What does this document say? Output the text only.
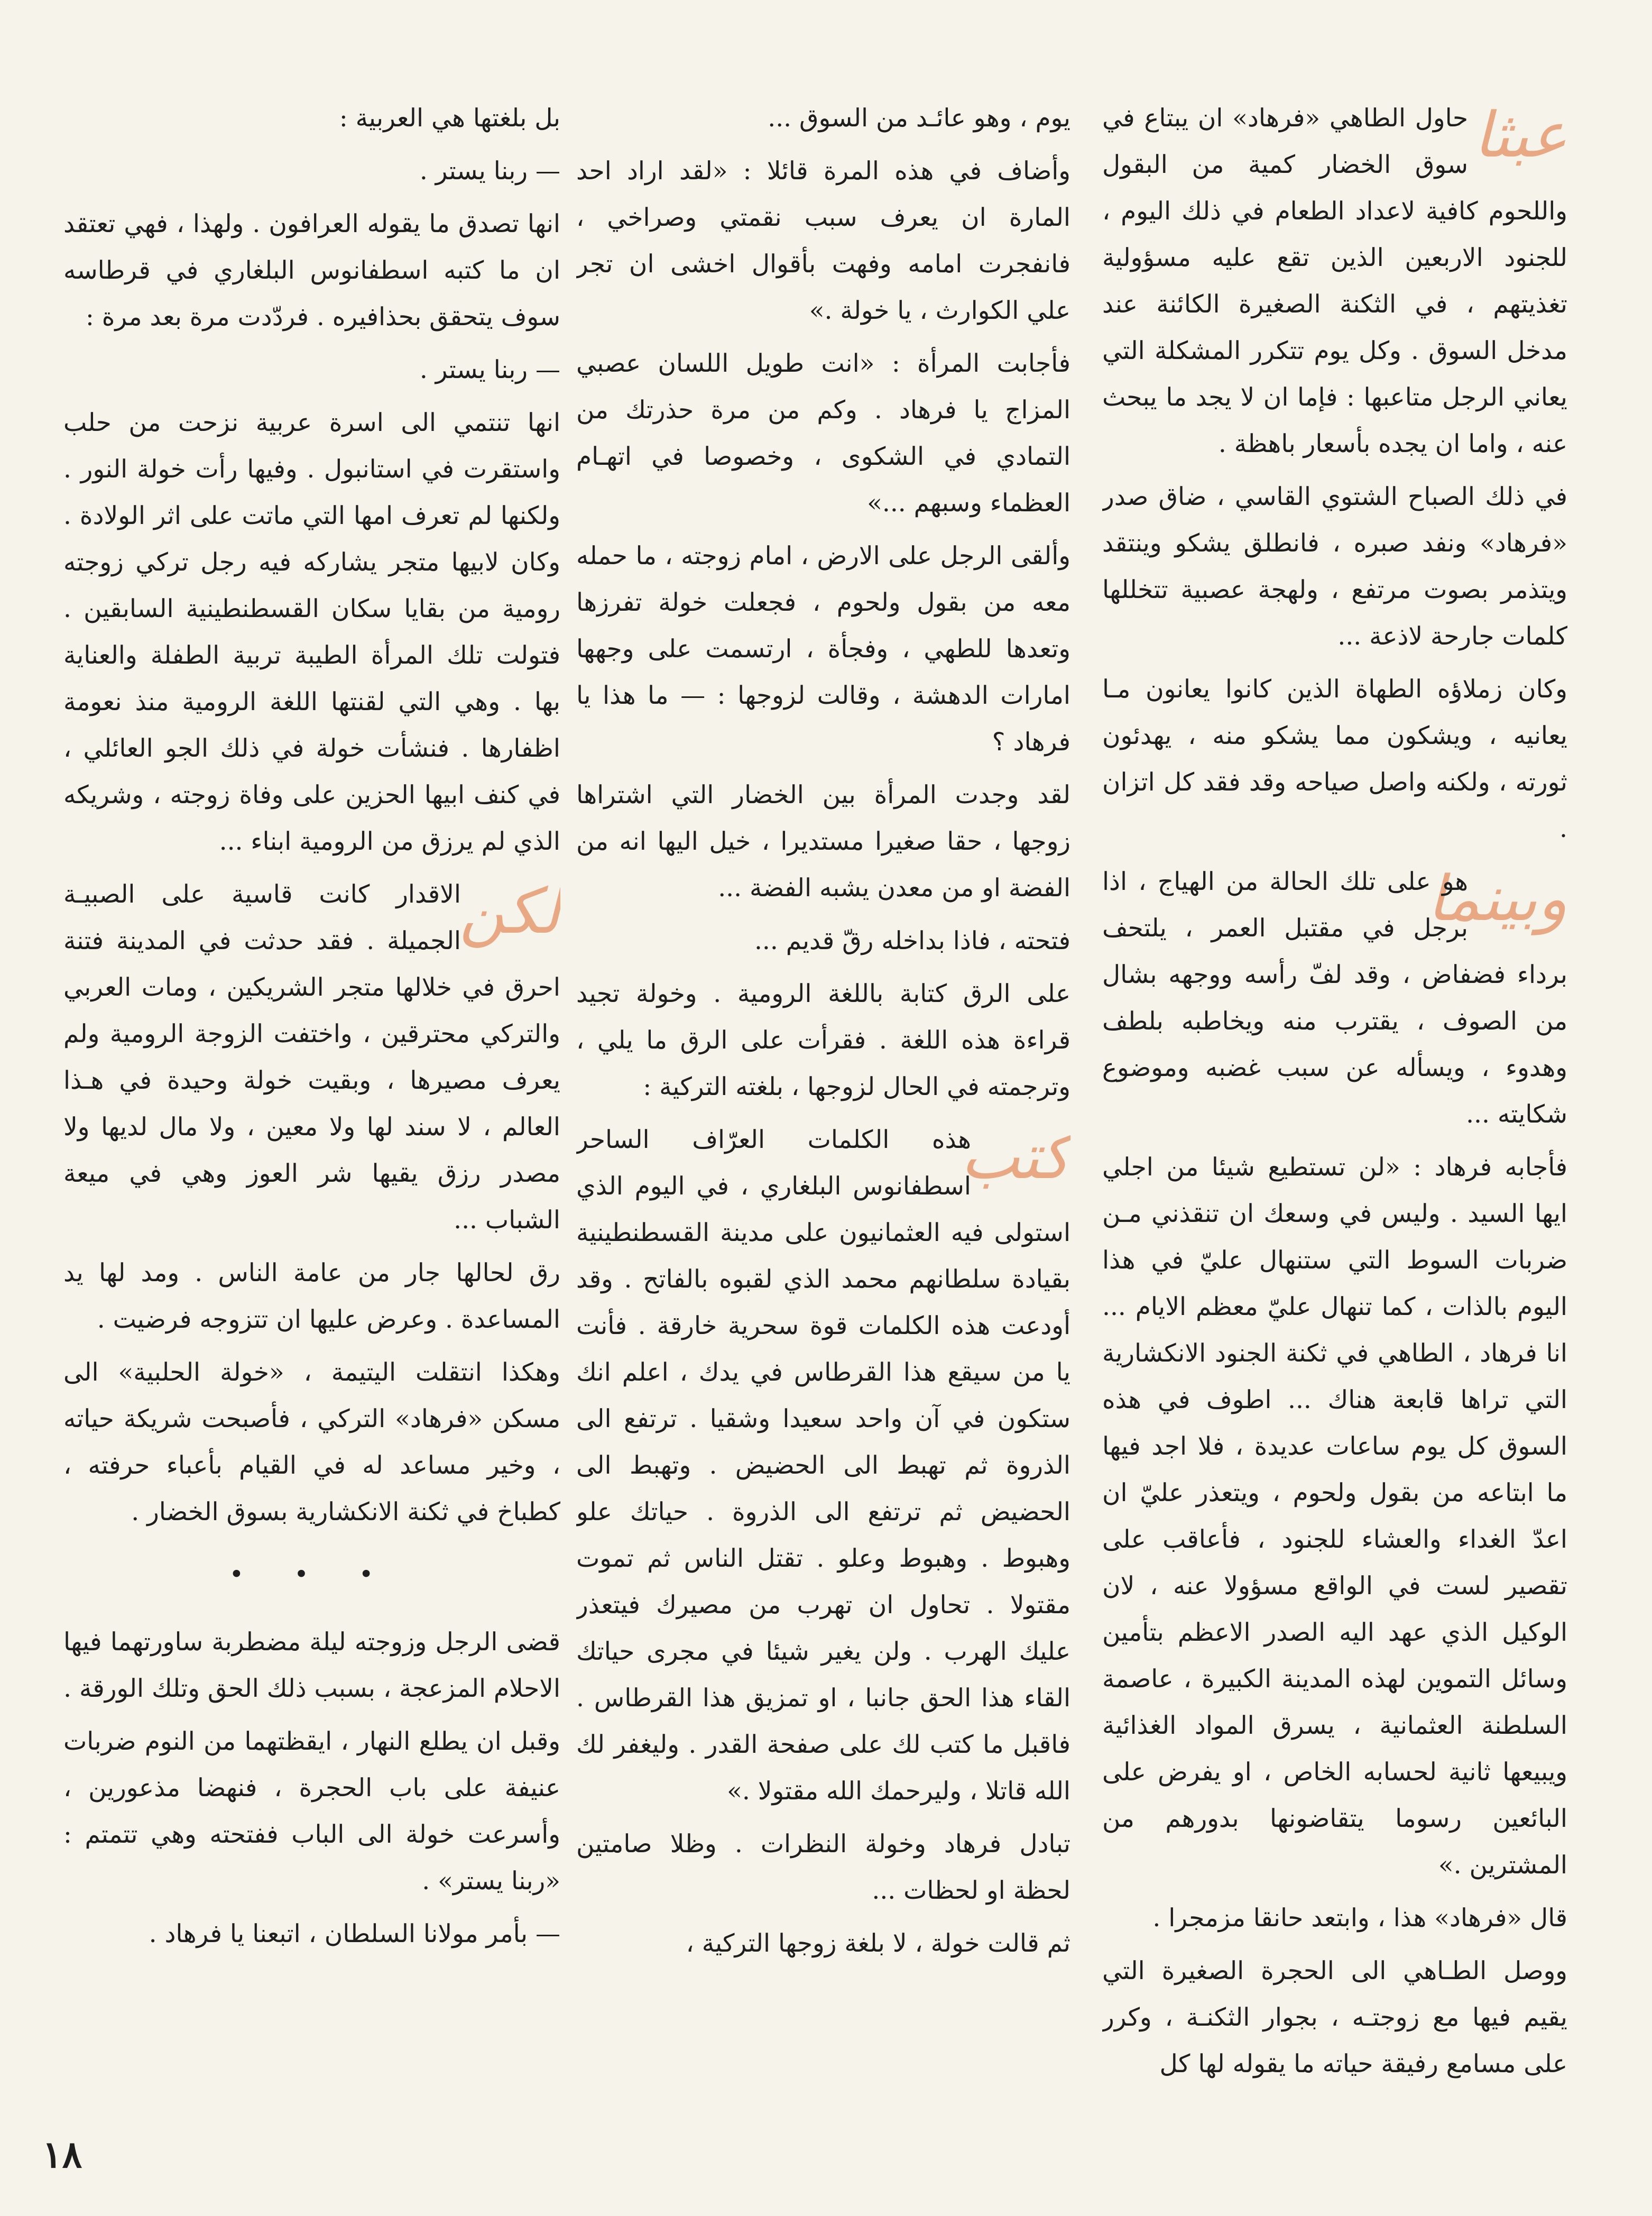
عبثا

حاول الطاهي «فرهاد» ان يبتاع في سوق الخضار كمية من البقول واللحوم كافية لاعداد الطعام في ذلك اليوم ، للجنود الاربعين الذين تقع عليه مسؤولية تغذيتهم ، في الثكنة الصغيرة الكائنة عند مدخل السوق . وكل يوم تتكرر المشكلة التي يعاني الرجل متاعبها : فإما ان لا يجد ما يبحث عنه ، واما ان يجده بأسعار باهظة .

في ذلك الصباح الشتوي القاسي ، ضاق صدر «فرهاد» ونفد صبره ، فانطلق يشكو وينتقد ويتذمر بصوت مرتفع ، ولهجة عصبية تتخللها كلمات جارحة لاذعة ...

وكان زملاؤه الطهاة الذين كانوا يعانون مـا يعانيه ، ويشكون مما يشكو منه ، يهدئون ثورته ، ولكنه واصل صياحه وقد فقد كل اتزان .

وبينما

هو على تلك الحالة من الهياج ، اذا برجل في مقتبل العمر ، يلتحف برداء فضفاض ، وقد لفّ رأسه ووجهه بشال من الصوف ، يقترب منه ويخاطبه بلطف وهدوء ، ويسأله عن سبب غضبه وموضوع شكايته ...

فأجابه فرهاد : «لن تستطيع شيئا من اجلي ايها السيد . وليس في وسعك ان تنقذني مـن ضربات السوط التي ستنهال عليّ في هذا اليوم بالذات ، كما تنهال عليّ معظم الايام ... انا فرهاد ، الطاهي في ثكنة الجنود الانكشارية التي تراها قابعة هناك ... اطوف في هذه السوق كل يوم ساعات عديدة ، فلا اجد فيها ما ابتاعه من بقول ولحوم ، ويتعذر عليّ ان اعدّ الغداء والعشاء للجنود ، فأعاقب على تقصير لست في الواقع مسؤولا عنه ، لان الوكيل الذي عهد اليه الصدر الاعظم بتأمين وسائل التموين لهذه المدينة الكبيرة ، عاصمة السلطنة العثمانية ، يسرق المواد الغذائية ويبيعها ثانية لحسابه الخاص ، او يفرض على البائعين رسوما يتقاضونها بدورهم من المشترين .»

قال «فرهاد» هذا ، وابتعد حانقا مزمجرا .

ووصل الطـاهي الى الحجرة الصغيرة التي يقيم فيها مع زوجتـه ، بجوار الثكنـة ، وكرر على مسامع رفيقة حياته ما يقوله لها كل

يوم ، وهو عائـد من السوق ...

وأضاف في هذه المرة قائلا : «لقد اراد احد المارة ان يعرف سبب نقمتي وصراخي ، فانفجرت امامه وفهت بأقوال اخشى ان تجر علي الكوارث ، يا خولة .»

فأجابت المرأة : «انت طويل اللسان عصبي المزاج يا فرهاد . وكم من مرة حذرتك من التمادي في الشكوى ، وخصوصا في اتهـام العظماء وسبهم ...»

وألقى الرجل على الارض ، امام زوجته ، ما حمله معه من بقول ولحوم ، فجعلت خولة تفرزها وتعدها للطهي ، وفجأة ، ارتسمت على وجهها امارات الدهشة ، وقالت لزوجها : — ما هذا يا فرهاد ؟

لقد وجدت المرأة بين الخضار التي اشتراها زوجها ، حقا صغيرا مستديرا ، خيل اليها انه من الفضة او من معدن يشبه الفضة ...

فتحته ، فاذا بداخله رقّ قديم ...

على الرق كتابة باللغة الرومية . وخولة تجيد قراءة هذه اللغة . فقرأت على الرق ما يلي ، وترجمته في الحال لزوجها ، بلغته التركية :

كتب

هذه الكلمات العرّاف الساحر اسطفانوس البلغاري ، في اليوم الذي استولى فيه العثمانيون على مدينة القسطنطينية بقيادة سلطانهم محمد الذي لقبوه بالفاتح . وقد أودعت هذه الكلمات قوة سحرية خارقة . فأنت يا من سيقع هذا القرطاس في يدك ، اعلم انك ستكون في آن واحد سعيدا وشقيا . ترتفع الى الذروة ثم تهبط الى الحضيض . وتهبط الى الحضيض ثم ترتفع الى الذروة . حياتك علو وهبوط . وهبوط وعلو . تقتل الناس ثم تموت مقتولا . تحاول ان تهرب من مصيرك فيتعذر عليك الهرب . ولن يغير شيئا في مجرى حياتك القاء هذا الحق جانبا ، او تمزيق هذا القرطاس . فاقبل ما كتب لك على صفحة القدر . وليغفر لك الله قاتلا ، وليرحمك الله مقتولا .»

تبادل فرهاد وخولة النظرات . وظلا صامتين لحظة او لحظات ...

ثم قالت خولة ، لا بلغة زوجها التركية ،

بل بلغتها هي العربية :

— ربنا يستر .

انها تصدق ما يقوله العرافون . ولهذا ، فهي تعتقد ان ما كتبه اسطفانوس البلغاري في قرطاسه سوف يتحقق بحذافيره . فردّدت مرة بعد مرة :

— ربنا يستر .

انها تنتمي الى اسرة عربية نزحت من حلب واستقرت في استانبول . وفيها رأت خولة النور . ولكنها لم تعرف امها التي ماتت على اثر الولادة . وكان لابيها متجر يشاركه فيه رجل تركي زوجته رومية من بقايا سكان القسطنطينية السابقين . فتولت تلك المرأة الطيبة تربية الطفلة والعناية بها . وهي التي لقنتها اللغة الرومية منذ نعومة اظفارها . فنشأت خولة في ذلك الجو العائلي ، في كنف ابيها الحزين على وفاة زوجته ، وشريكه الذي لم يرزق من الرومية ابناء ...

لكن

الاقدار كانت قاسية على الصبيـة الجميلة . فقد حدثت في المدينة فتنة احرق في خلالها متجر الشريكين ، ومات العربي والتركي محترقين ، واختفت الزوجة الرومية ولم يعرف مصيرها ، وبقيت خولة وحيدة في هـذا العالم ، لا سند لها ولا معين ، ولا مال لديها ولا مصدر رزق يقيها شر العوز وهي في ميعة الشباب ...

رق لحالها جار من عامة الناس . ومد لها يد المساعدة . وعرض عليها ان تتزوجه فرضيت .

وهكذا انتقلت اليتيمة ، «خولة الحلبية» الى مسكن «فرهاد» التركي ، فأصبحت شريكة حياته ، وخير مساعد له في القيام بأعباء حرفته ، كطباخ في ثكنة الانكشارية بسوق الخضار .

• • •

قضى الرجل وزوجته ليلة مضطربة ساورتهما فيها الاحلام المزعجة ، بسبب ذلك الحق وتلك الورقة .

وقبل ان يطلع النهار ، ايقظتهما من النوم ضربات عنيفة على باب الحجرة ، فنهضا مذعورين ، وأسرعت خولة الى الباب ففتحته وهي تتمتم : «ربنا يستر» .

— بأمر مولانا السلطان ، اتبعنا يا فرهاد .

١٨
